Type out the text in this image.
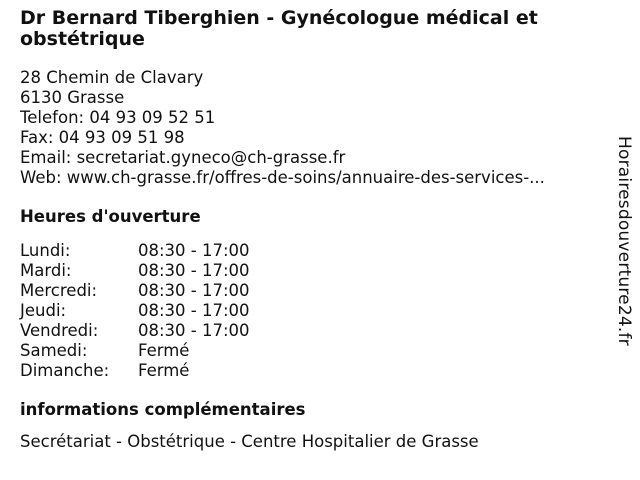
Dr Bernard Tiberghien - Gynécologue médical et obstétrique
28 Chemin de Clavary
6130 Grasse
Telefon: 04 93 09 52 51
Fax: 04 93 09 51 98
Email: secretariat.gyneco@ch-grasse.fr
Web: www.ch-grasse.fr/offres-de-soins/annuaire-des-services-...
Heures d'ouverture
Lundi:	08:30 - 17:00
Mardi:	08:30 - 17:00
Mercredi:	08:30 - 17:00
Jeudi:	08:30 - 17:00
Vendredi:	08:30 - 17:00
Samedi:	Fermé
Dimanche:	Fermé
informations complémentaires
Secrétariat - Obstétrique - Centre Hospitalier de Grasse
Horairesdouverture24.fr
